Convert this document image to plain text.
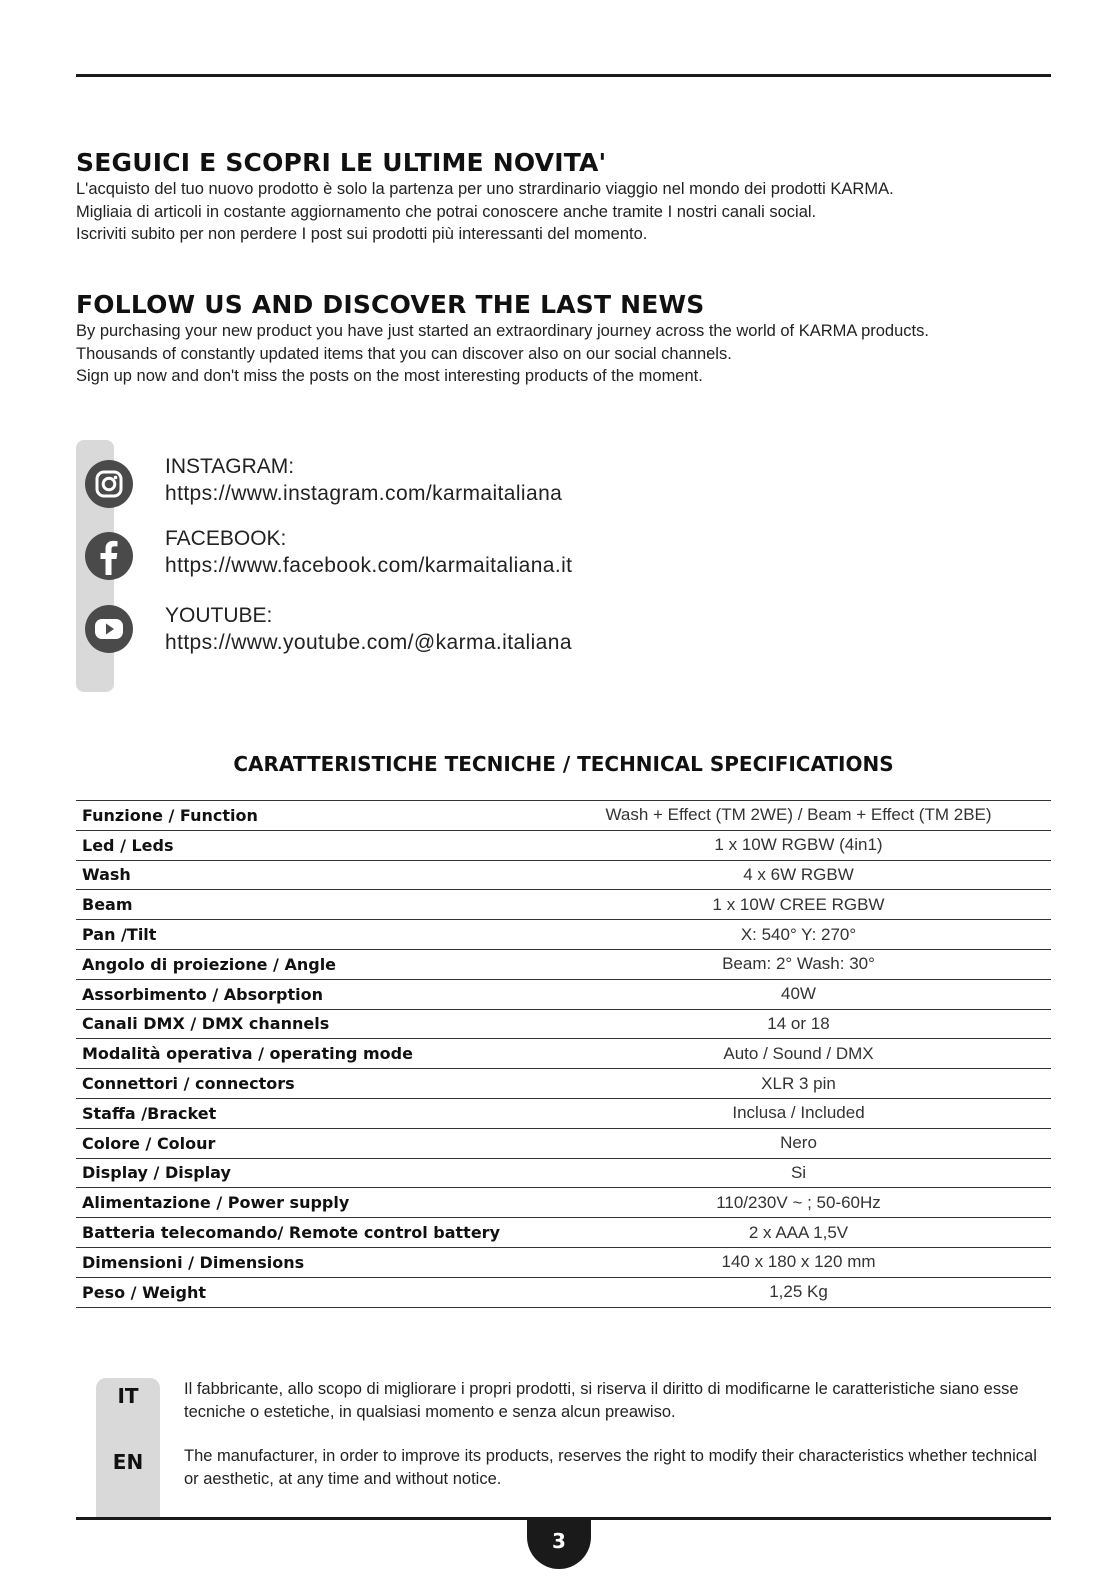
SEGUICI E SCOPRI LE ULTIME NOVITA'

L'acquisto del tuo nuovo prodotto è solo la partenza per uno strardinario viaggio nel mondo dei prodotti KARMA.

Migliaia di articoli in costante aggiornamento che potrai conoscere anche tramite I nostri canali social.

Iscriviti subito per non perdere I post sui prodotti più interessanti del momento.

FOLLOW US AND DISCOVER THE LAST NEWS

By purchasing your new product you have just started an extraordinary journey across the world of KARMA products.

Thousands of constantly updated items that you can discover also on our social channels.

Sign up now and don't miss the posts on the most interesting products of the moment.

INSTAGRAM:
https://www.instagram.com/karmaitaliana
FACEBOOK:
https://www.facebook.com/karmaitaliana.it
YOUTUBE:
https://www.youtube.com/@karma.italiana
CARATTERISTICHE TECNICHE / TECHNICAL SPECIFICATIONS
Funzione / Function	Wash + Effect (TM 2WE) / Beam + Effect (TM 2BE)
Led / Leds	1 x 10W RGBW (4in1)
Wash	4 x 6W RGBW
Beam	1 x 10W CREE RGBW
Pan /Tilt	X: 540° Y: 270°
Angolo di proiezione / Angle	Beam: 2° Wash: 30°
Assorbimento / Absorption	40W
Canali DMX / DMX channels	14 or 18
Modalità operativa / operating mode	Auto / Sound / DMX
Connettori / connectors	XLR 3 pin
Staffa /Bracket	Inclusa / Included
Colore / Colour	Nero
Display / Display	Si
Alimentazione / Power supply	110/230V ~ ; 50-60Hz
Batteria telecomando/ Remote control battery	2 x AAA 1,5V
Dimensioni / Dimensions	140 x 180 x 120 mm
Peso / Weight	1,25 Kg
IT	Il fabbricante, allo scopo di migliorare i propri prodotti, si riserva il diritto di modificarne le caratteristiche siano esse tecniche o estetiche, in qualsiasi momento e senza alcun preawiso.
EN	The manufacturer, in order to improve its products, reserves the right to modify their characteristics whether technical or aesthetic, at any time and without notice.
3
